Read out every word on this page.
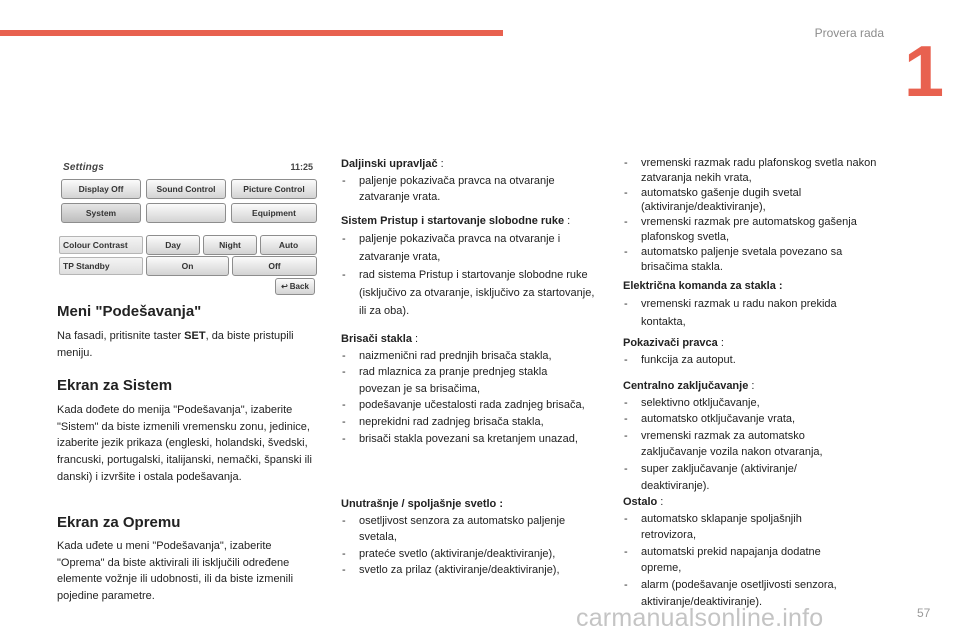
Provera rada 1
Settings	11:25
Display Off	Sound Control	Picture Control
System	Equipment
Colour Contrast	Day	Night	Auto
TP Standby	On	Off
↩ Back
Meni "Podešavanja"
Na fasadi, pritisnite taster SET, da biste pristupili meniju.
Ekran za Sistem
Kada dođete do menija "Podešavanja", izaberite "Sistem" da biste izmenili vremensku zonu, jedinice, izaberite jezik prikaza (engleski, holandski, švedski, francuski, portugalski, italijanski, nemački, španski ili danski) i izvršite i ostala podešavanja.
Ekran za Opremu
Kada uđete u meni "Podešavanja", izaberite "Oprema" da biste aktivirali ili isključili određene elemente vožnje ili udobnosti, ili da biste izmenili pojedine parametre.
Daljinski upravljač :
- paljenje pokazivača pravca na otvaranje zatvaranje vrata.
Sistem Pristup i startovanje slobodne ruke :
- paljenje pokazivača pravca na otvaranje i zatvaranje vrata,
- rad sistema Pristup i startovanje slobodne ruke (isključivo za otvaranje, isključivo za startovanje, ili za oba).
Brisači stakla :
- naizmenični rad prednjih brisača stakla,
- rad mlaznica za pranje prednjeg stakla povezan je sa brisačima,
- podešavanje učestalosti rada zadnjeg brisača,
- neprekidni rad zadnjeg brisača stakla,
- brisači stakla povezani sa kretanjem unazad,
Unutrašnje / spoljašnje svetlo :
- osetljivost senzora za automatsko paljenje svetala,
- prateće svetlo (aktiviranje/deaktiviranje),
- svetlo za prilaz (aktiviranje/deaktiviranje),
- vremenski razmak radu plafonskog svetla nakon zatvaranja nekih vrata,
- automatsko gašenje dugih svetal (aktiviranje/deaktiviranje),
- vremenski razmak pre automatskog gašenja plafonskog svetla,
- automatsko paljenje svetala povezano sa brisačima stakla.
Električna komanda za stakla :
- vremenski razmak u radu nakon prekida kontakta,
Pokazivači pravca :
- funkcija za autoput.
Centralno zaključavanje :
- selektivno otključavanje,
- automatsko otključavanje vrata,
- vremenski razmak za automatsko zaključavanje vozila nakon otvaranja,
- super zaključavanje (aktiviranje/ deaktiviranje).
Ostalo :
- automatsko sklapanje spoljašnjih retrovizora,
- automatski prekid napajanja dodatne opreme,
- alarm (podešavanje osetljivosti senzora, aktiviranje/deaktiviranje).
carmanualsonline.info	57
